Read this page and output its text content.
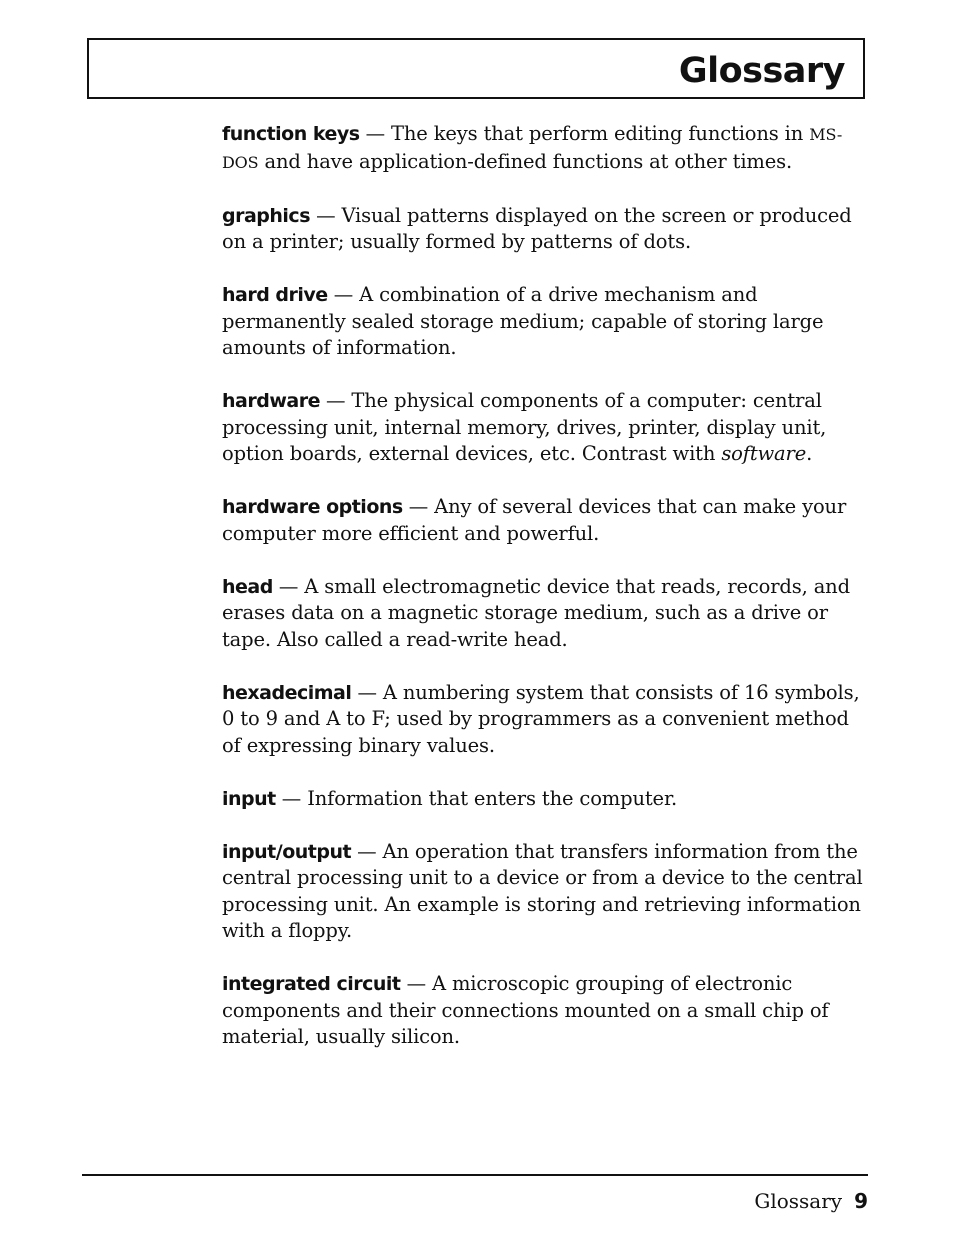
Glossary

function keys — The keys that perform editing functions in MS-DOS and have application-defined functions at other times.

graphics — Visual patterns displayed on the screen or produced on a printer; usually formed by patterns of dots.

hard drive — A combination of a drive mechanism and permanently sealed storage medium; capable of storing large amounts of information.

hardware — The physical components of a computer: central processing unit, internal memory, drives, printer, display unit, option boards, external devices, etc. Contrast with software.

hardware options — Any of several devices that can make your computer more efficient and powerful.

head — A small electromagnetic device that reads, records, and erases data on a magnetic storage medium, such as a drive or tape. Also called a read-write head.

hexadecimal — A numbering system that consists of 16 symbols, 0 to 9 and A to F; used by programmers as a convenient method of expressing binary values.

input — Information that enters the computer.

input/output — An operation that transfers information from the central processing unit to a device or from a device to the central processing unit. An example is storing and retrieving information with a floppy.

integrated circuit — A microscopic grouping of electronic components and their connections mounted on a small chip of material, usually silicon.

Glossary 9
